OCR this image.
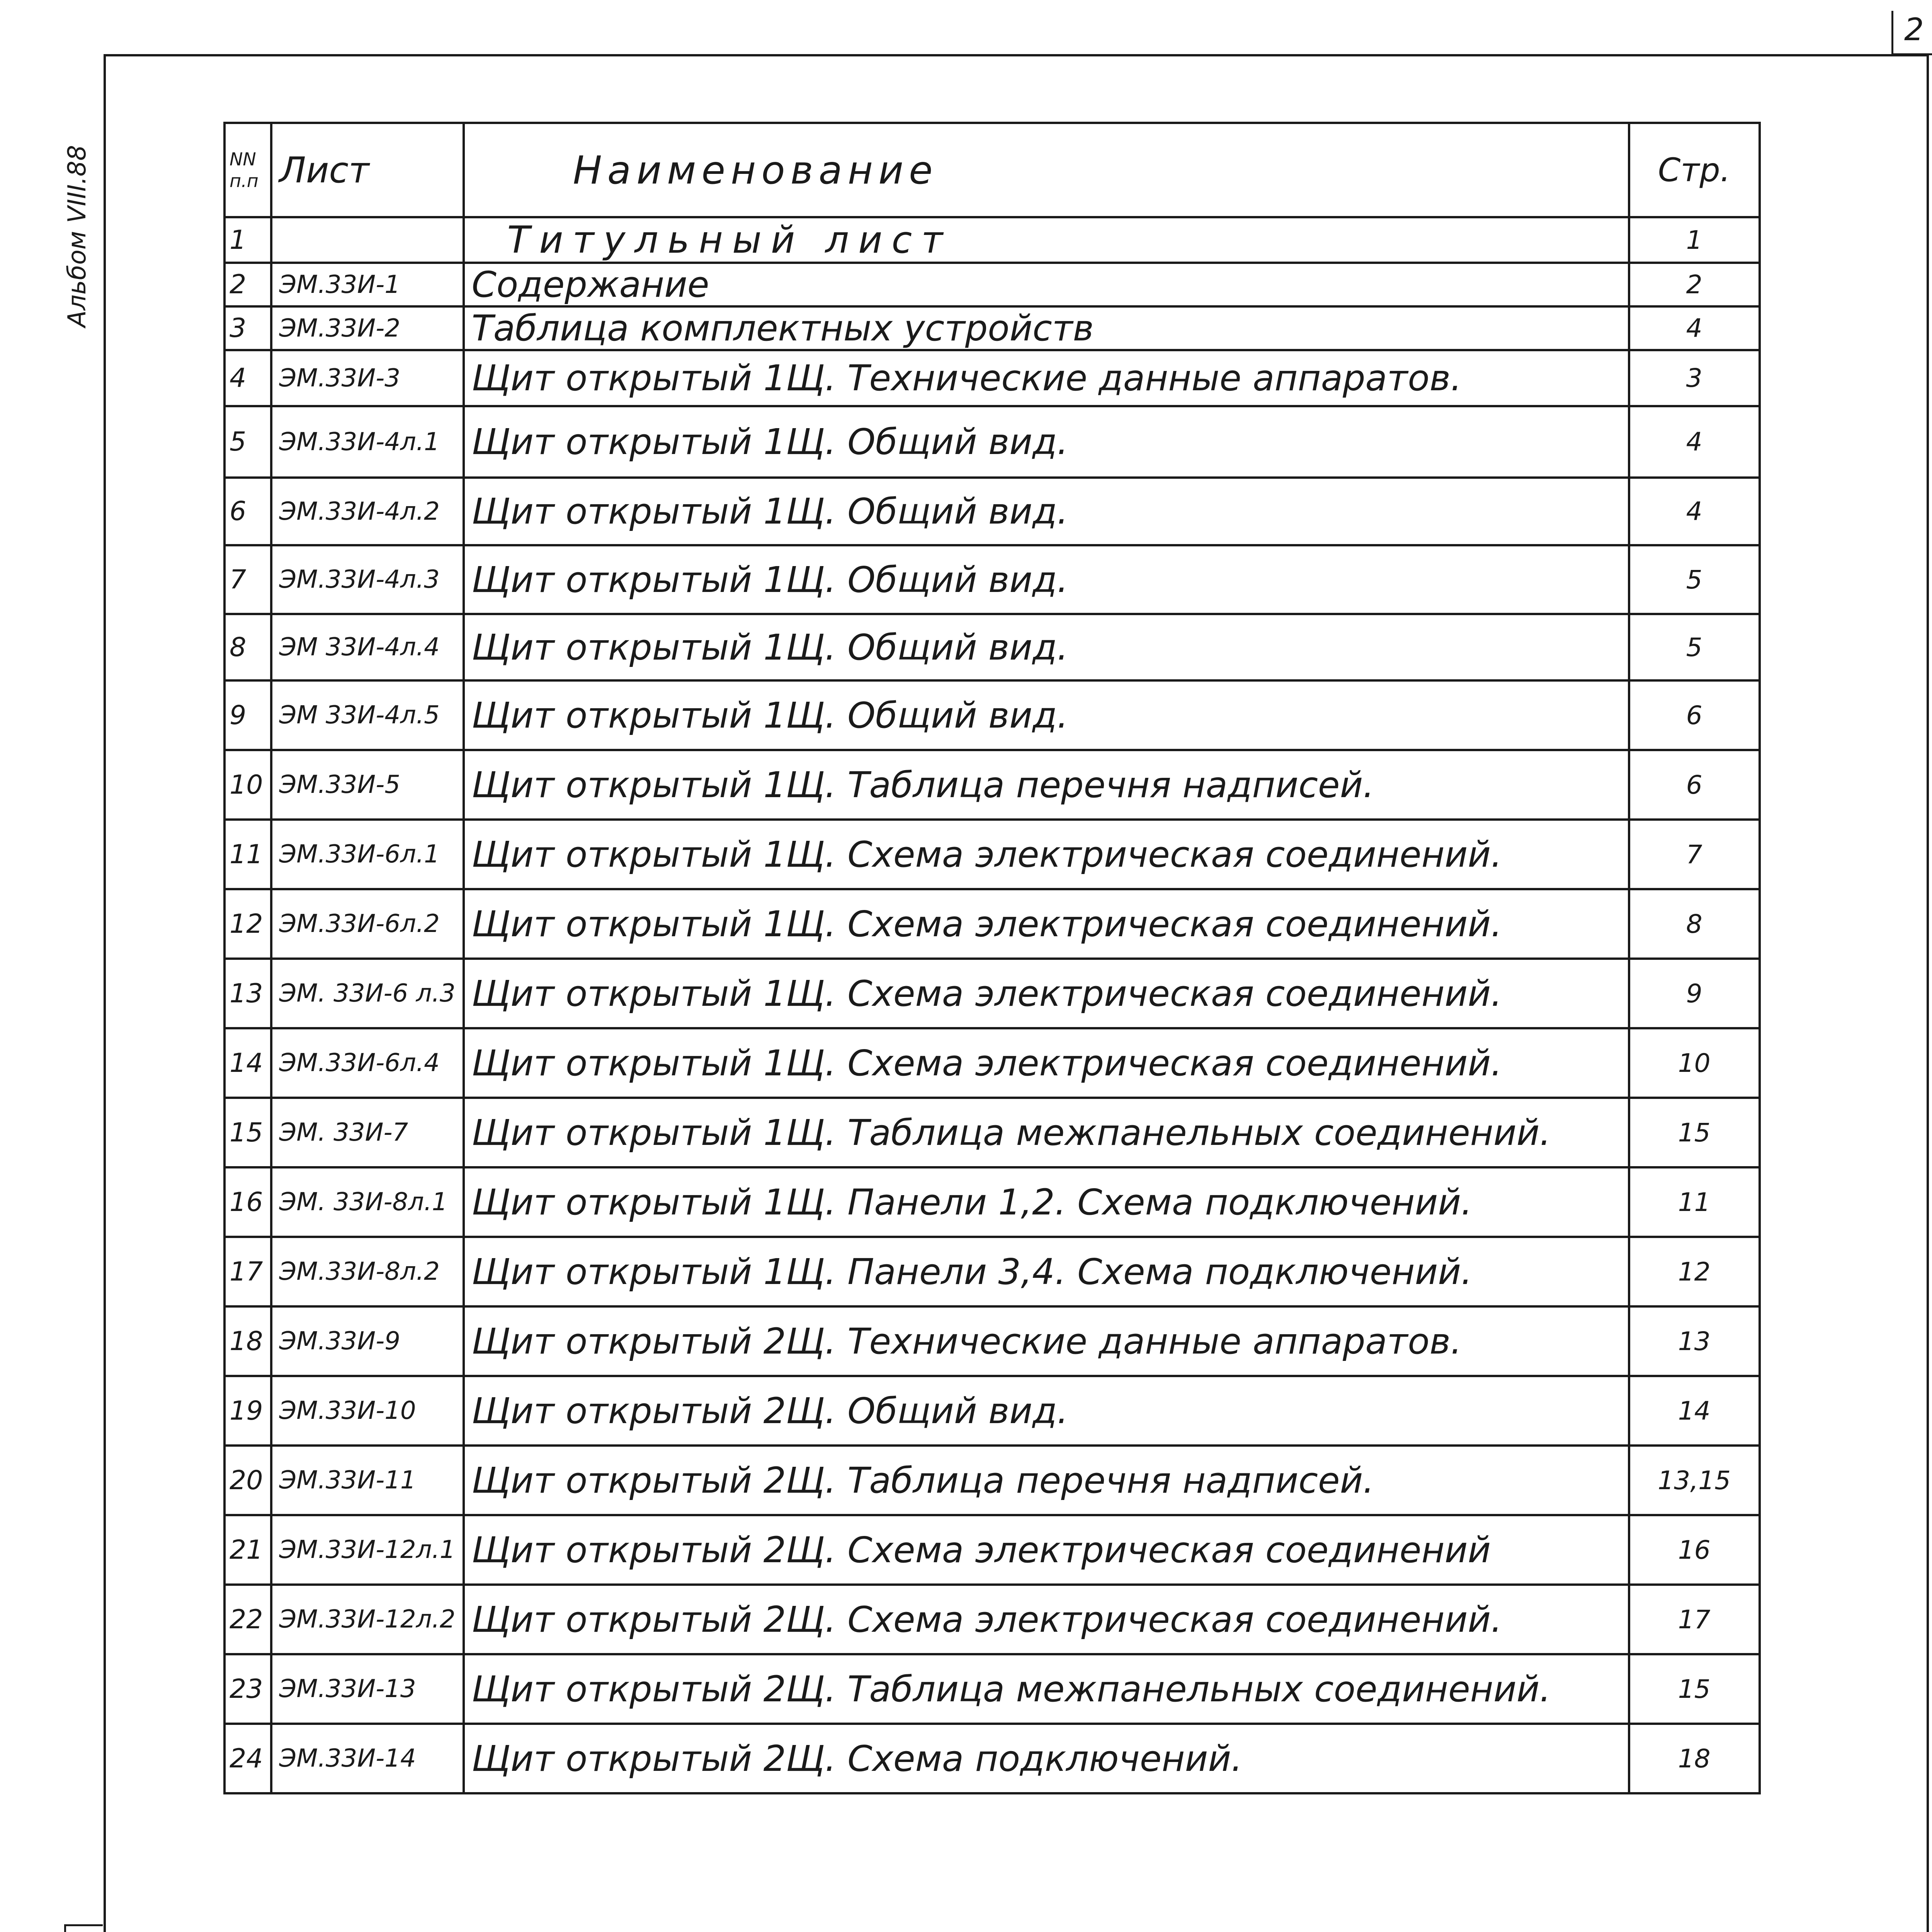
2
Альбом VIII.88	NN п.п	Лист	Наименование	Стр.
1		Титульный лист	1
2	ЭМ.33И-1	Содержание	2
3	ЭМ.33И-2	Таблица комплектных устройств	4
4	ЭМ.33И-3	Щит открытый 1Щ. Технические данные аппаратов.	3
5	ЭМ.33И-4л.1	Щит открытый 1Щ. Общий вид.	4
6	ЭМ.33И-4л.2	Щит открытый 1Щ. Общий вид.	4
7	ЭМ.33И-4л.3	Щит открытый 1Щ. Общий вид.	5
8	ЭМ 33И-4л.4	Щит открытый 1Щ. Общий вид.	5
9	ЭМ 33И-4л.5	Щит открытый 1Щ. Общий вид.	6
10	ЭМ.33И-5	Щит открытый 1Щ. Таблица перечня надписей.	6
11	ЭМ.33И-6л.1	Щит открытый 1Щ. Схема электрическая соединений.	7
12	ЭМ.33И-6л.2	Щит открытый 1Щ. Схема электрическая соединений.	8
13	ЭМ. 33И-6 л.3	Щит открытый 1Щ. Схема электрическая соединений.	9
14	ЭМ.33И-6л.4	Щит открытый 1Щ. Схема электрическая соединений.	10
15	ЭМ. 33И-7	Щит открытый 1Щ. Таблица межпанельных соединений.	15
16	ЭМ. 33И-8л.1	Щит открытый 1Щ. Панели 1,2. Схема подключений.	11
17	ЭМ.33И-8л.2	Щит открытый 1Щ. Панели 3,4. Схема подключений.	12
18	ЭМ.33И-9	Щит открытый 2Щ. Технические данные аппаратов.	13
19	ЭМ.33И-10	Щит открытый 2Щ. Общий вид.	14
20	ЭМ.33И-11	Щит открытый 2Щ. Таблица перечня надписей.	13,15
21	ЭМ.33И-12л.1	Щит открытый 2Щ. Схема электрическая соединений	16
22	ЭМ.33И-12л.2	Щит открытый 2Щ. Схема электрическая соединений.	17
23	ЭМ.33И-13	Щит открытый 2Щ. Таблица межпанельных соединений.	15
24	ЭМ.33И-14	Щит открытый 2Щ. Схема подключений.	18
